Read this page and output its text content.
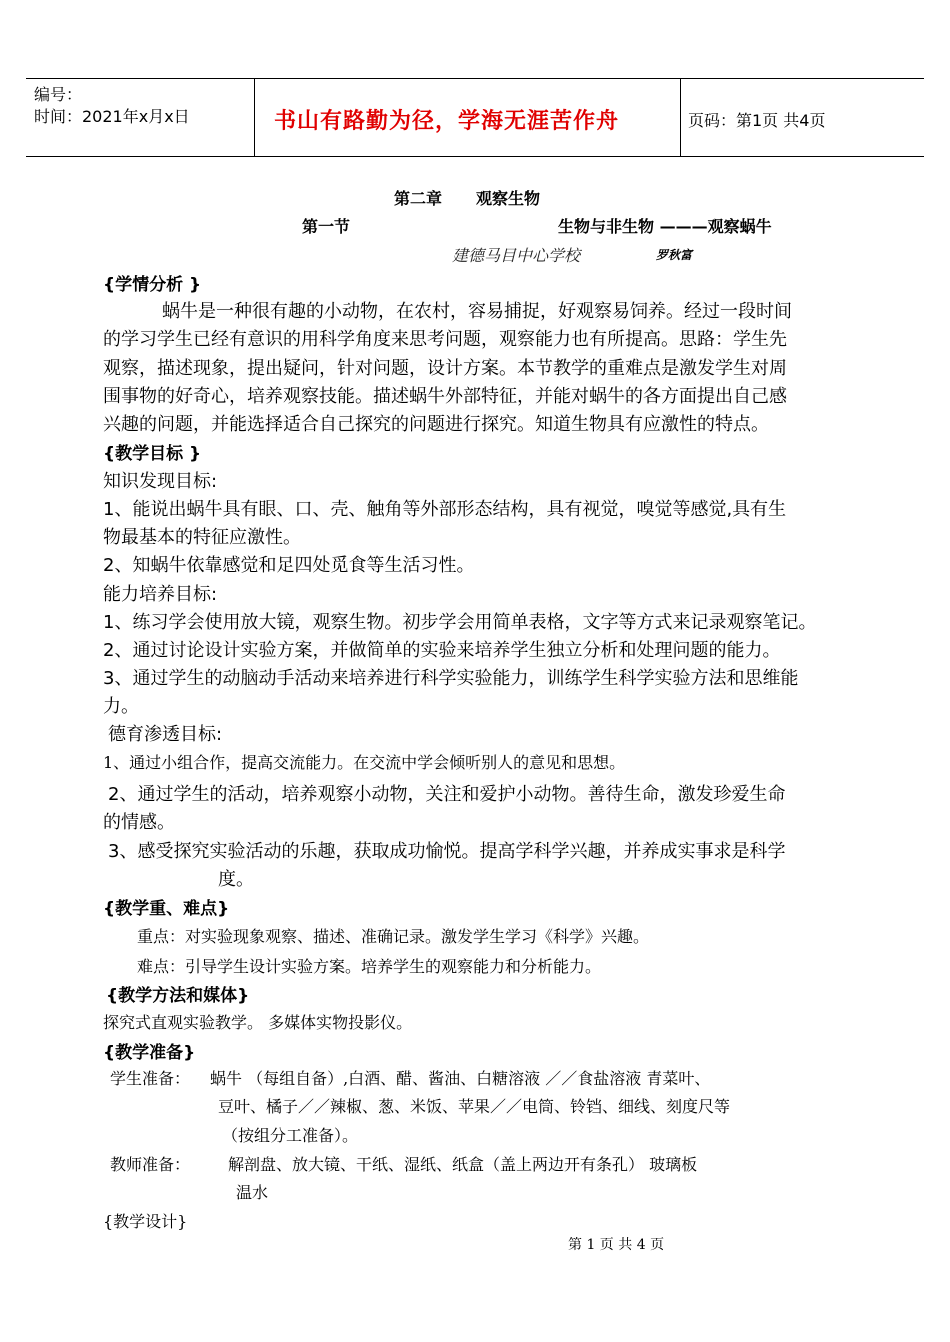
编号：
时间：2021年x月x日	书山有路勤为径，学海无涯苦作舟	页码：第1页 共4页
第二章 观察生物
第一节	生物与非生物 ———观察蜗牛
建德马目中心学校	罗秋富
{学情分析 }
蜗牛是一种很有趣的小动物，在农村，容易捕捉，好观察易饲养。经过一段时间
的学习学生已经有意识的用科学角度来思考问题，观察能力也有所提高。思路：学生先
观察，描述现象，提出疑问，针对问题，设计方案。本节教学的重难点是激发学生对周
围事物的好奇心，培养观察技能。描述蜗牛外部特征，并能对蜗牛的各方面提出自己感
兴趣的问题，并能选择适合自己探究的问题进行探究。知道生物具有应激性的特点。
{教学目标 }
知识发现目标:
1、能说出蜗牛具有眼、口、壳、触角等外部形态结构，具有视觉，嗅觉等感觉,具有生
物最基本的特征应激性。
2、知蜗牛依靠感觉和足四处觅食等生活习性。
能力培养目标:
1、练习学会使用放大镜，观察生物。初步学会用简单表格，文字等方式来记录观察笔记。
2、通过讨论设计实验方案，并做简单的实验来培养学生独立分析和处理问题的能力。
3、通过学生的动脑动手活动来培养进行科学实验能力，训练学生科学实验方法和思维能
力。
德育渗透目标:
1、通过小组合作，提高交流能力。在交流中学会倾听别人的意见和思想。
2、通过学生的活动，培养观察小动物，关注和爱护小动物。善待生命，激发珍爱生命
的情感。
3、感受探究实验活动的乐趣，获取成功愉悦。提高学科学兴趣，并养成实事求是科学
度。
{教学重、难点}
重点：对实验现象观察、描述、准确记录。激发学生学习《科学》兴趣。
难点：引导学生设计实验方案。培养学生的观察能力和分析能力。
{教学方法和媒体}
探究式直观实验教学。 多媒体实物投影仪。
{教学准备}
学生准备： 蜗牛 （每组自备）,白酒、醋、酱油、白糖溶液 ／／食盐溶液 青菜叶、
豆叶、橘子／／辣椒、葱、米饭、苹果／／电筒、铃铛、细线、刻度尺等
（按组分工准备）。
教师准备： 解剖盘、放大镜、干纸、湿纸、纸盒（盖上两边开有条孔） 玻璃板
温水
{教学设计}
第 1 页 共 4 页
